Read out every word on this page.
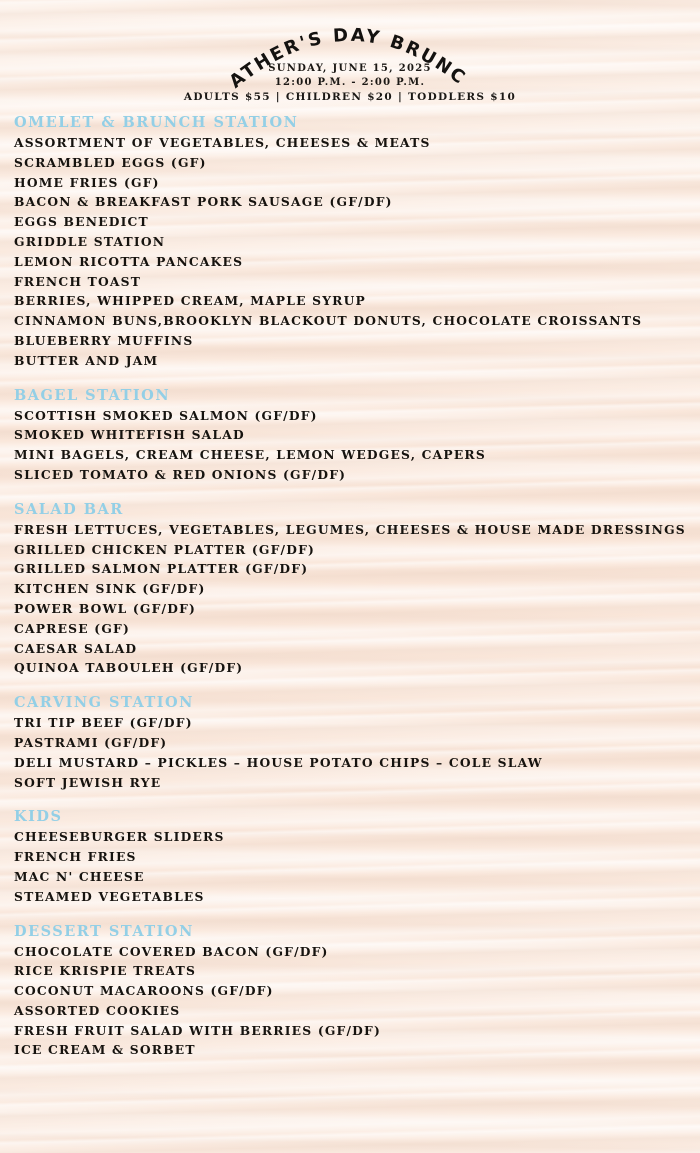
FATHER'S DAY BRUNCH
SUNDAY, JUNE 15, 2025
12:00 P.M. - 2:00 P.M.
ADULTS $55 | CHILDREN $20 | TODDLERS $10
OMELET & BRUNCH STATION
ASSORTMENT OF VEGETABLES, CHEESES & MEATS
SCRAMBLED EGGS (GF)
HOME FRIES (GF)
BACON & BREAKFAST PORK SAUSAGE (GF/DF)
EGGS BENEDICT
GRIDDLE STATION
LEMON RICOTTA PANCAKES
FRENCH TOAST
BERRIES, WHIPPED CREAM, MAPLE SYRUP
CINNAMON BUNS,BROOKLYN BLACKOUT DONUTS, CHOCOLATE CROISSANTS
BLUEBERRY MUFFINS
BUTTER AND JAM
BAGEL STATION
SCOTTISH SMOKED SALMON (GF/DF)
SMOKED WHITEFISH SALAD
MINI BAGELS, CREAM CHEESE, LEMON WEDGES, CAPERS
SLICED TOMATO & RED ONIONS (GF/DF)
SALAD BAR
FRESH LETTUCES, VEGETABLES, LEGUMES, CHEESES & HOUSE MADE DRESSINGS
GRILLED CHICKEN PLATTER (GF/DF)
GRILLED SALMON PLATTER (GF/DF)
KITCHEN SINK (GF/DF)
POWER BOWL (GF/DF)
CAPRESE (GF)
CAESAR SALAD
QUINOA TABOULEH (GF/DF)
CARVING STATION
TRI TIP BEEF (GF/DF)
PASTRAMI (GF/DF)
DELI MUSTARD – PICKLES – HOUSE POTATO CHIPS – COLE SLAW
SOFT JEWISH RYE
KIDS
CHEESEBURGER SLIDERS
FRENCH FRIES
MAC N' CHEESE
STEAMED VEGETABLES
DESSERT STATION
CHOCOLATE COVERED BACON (GF/DF)
RICE KRISPIE TREATS
COCONUT MACAROONS (GF/DF)
ASSORTED COOKIES
FRESH FRUIT SALAD WITH BERRIES (GF/DF)
ICE CREAM & SORBET
